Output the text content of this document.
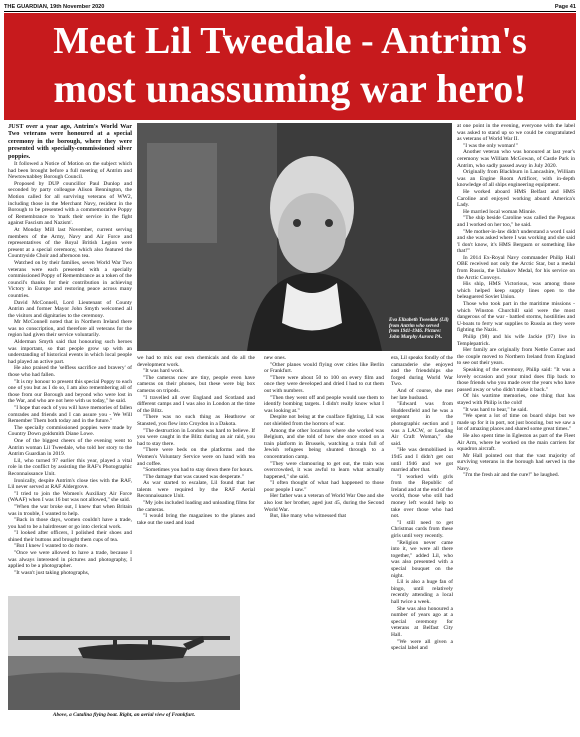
THE GUARDIAN, 19th November 2020	Page 41
Meet Lil Tweedale - Antrim's
most unassuming war hero!

JUST over a year ago, Antrim's World War Two veterans were honoured at a special ceremony in the borough, where they were presented with specially-commissioned silver poppies.

It followed a Notice of Motion on the subject which had been brought before a full meeting of Antrim and Newtownabbey Borough Council.

Proposed by DUP councillor Paul Dunlop and seconded by party colleague Alison Bennington, the Motion called for all surviving veterans of WW2, including those in the Merchant Navy, resident in the Borough to be presented with a commemorative Poppy of Remembrance to 'mark their service in the fight against Fascism and Nazism'.

At Monday Mill last November, current serving members of the Army, Navy and Air Force and representatives of the Royal British Legion were present at a special ceremony, which also featured the Countryside Choir and afternoon tea.

Watched on by their families, seven World War Two veterans were each presented with a specially commissioned Poppy of Remembrance as a token of the council's thanks for their contribution in achieving Victory in Europe and restoring peace across many countries.

David McConnell, Lord Lieutenant of County Antrim and former Mayor John Smyth welcomed all the visitors and dignitaries to the ceremony.

Mr McConnell noted that in Northern Ireland there was no conscription, and therefore all veterans for the region had given their service voluntarily.

Alderman Smyth said that honouring such heroes was important, so that people grow up with an understanding of historical events in which local people had played an active part.

He also praised the 'selfless sacrifice and bravery' of those who had fallen.

"It is my honour to present this special Poppy to each one of you but as I do so, I am also remembering all of those from our Borough and beyond who were lost in the War, and who are not here with us today," he said.

"I hope that each of you will have memories of fallen comrades and friends and I can assure you - We Will Remember Them both today and in the future."

The specially commissioned poppies were made by Country Down goldsmith Diane Lowe.

One of the biggest cheers of the evening went to Antrim woman Lil Tweedale, who told her story to the Antrim Guardian in 2019.

Lil, who turned 97 earlier this year, played a vital role in the conflict by assisting the RAF's Photographic Reconnaissance Unit.

Ironically, despite Antrim's close ties with the RAF, Lil never served at RAF Aldergrove.

"I tried to join the Women's Auxiliary Air Force (WAAF) when I was 16 but was not allowed," she said.

"When the war broke out, I knew that when Britain was in trouble, I wanted to help.

"Back in those days, women couldn't have a trade, you had to be a hairdresser or go into clerical work.

"I looked after officers, I polished their shoes and shined their buttons and brought them cups of tea.

"But I knew I wanted to do more.

"Once we were allowed to have a trade, because I was always interested in pictures and photography, I applied to be a photographer.

"It wasn't just taking photographs,

Eva Elizabeth Tweedale (Lil) from Antrim who served from 1941-1946. Picture: John Murphy Aurora PA.

we had to mix our own chemicals and do all the development work.

"It was hard work.

"The cameras now are tiny, people even have cameras on their phones, but these were big box cameras on tripods.

"I travelled all over England and Scotland and different camps and I was also in London at the time of the Blitz.

"There was no such thing as Heathrow or Stansted, you flew into Croydon in a Dakota.

"The destruction in London was hard to believe. If you were caught in the Blitz during an air raid, you had to stay there.

"There were beds on the platforms and the Women's Voluntary Service were on hand with tea and coffee.

"Sometimes you had to stay down there for hours.

"The damage that was caused was desperate."

As war started to escalate, Lil found that her talents were required by the RAF Aerial Reconnaissance Unit.

"My jobs included loading and unloading films for the cameras.

"I would bring the magazines to the planes and take out the used and load

new ones.

"Other planes would flying over cities like Berlin or Frankfurt.

"There were about 50 to 100 on every film and once they were developed and dried I had to cut them out with numbers.

"Then they went off and people would use them to identify bombing targets. I didn't really know what I was looking at."

Despite not being at the coalface fighting, Lil was not shielded from the horrors of war.

Among the other locations where she worked was Belgium, and she told of how she once stood on a train platform in Brussels, watching a train full of Jewish refugees being shunted through to a concentration camp.

"They were clamouring to get out, the train was overcrowded, it was awful to learn what actually happened," she said.

"I often thought of what had happened to those poor people I saw."

Her father was a veteran of World War One and she also lost her brother, aged just 45, during the Second World War.

But, like many who witnessed that

era, Lil speaks fondly of the camaraderie she enjoyed and the friendships she forged during World War Two.

And of course, she met her late husband.

"Edward was from Huddersfield and he was a sergeant in the photographic section and I was a LACW, or Leading Air Craft Woman," she said.

"He was demobilised in 1945 and I didn't get out until 1946 and we got married after that.

"I worked with girls from the Republic of Ireland and at the end of the world, those who still had money left would help to take over those who had not.

"I still need to get Christmas cards from these girls until very recently.

"Religion never came into it, we were all there together," added Lil, who was also presented with a special bouquet on the night.

Lil is also a huge fan of bingo, until relatively recently attending a local hall twice a week.

She was also honoured a number of years ago at a special ceremony for veterans at Belfast City Hall.

"We were all given a special label and

at one point in the evening, everyone with the label was asked to stand up so we could be congratulated as veterans of World War II.

"I was the only woman!"

Another veteran who was honoured at last year's ceremony was William McGowan, of Castle Park in Antrim, who sadly passed away in July 2020.

Originally from Blackburn in Lancashire, William was an Engine Room Artificer, with in-depth knowledge of all ships engineering equipment.

He worked aboard HMS Belfast and HMS Caroline and enjoyed working aboard America's Lady.

He married local woman Minnie.

"The ship beside Caroline was called the Pegasus and I worked on her too," he said.

"Me mother-in-law didn't understand a word I said and she was asked where I was working and she said 'I don't know, it's HMS Bergasm or something like that!'"

In 2014 Ex-Royal Navy commander Philip Hall OBE received not only the Arctic Star, but a medal from Russia, the Ushakov Medal, for his service on the Arctic Convoys.

His ship, HMS Victorious, was among those which helped keep supply lines open to the beleaguered Soviet Union.

Those who took part in the maritime missions - which Winston Churchill said were the most dangerous of the war - battled storms, hostilities and U-boats to ferry war supplies to Russia as they were fighting the Nazis.

Philip (98) and his wife Jackie (97) live in Templepatrick.

Her family are originally from Nettle Corner and the couple moved to Northern Ireland from England to see out their years.

Speaking of the ceremony, Philip said: "It was a lovely occasion and your mind does flip back to those friends who you made over the years who have passed away or who didn't make it back."

Of his wartime memories, one thing that has stayed with Philip is the cold!

"It was hard to bear," he said.

"We spent a lot of time on board ships but we made up for it in port, not just boozing, but we saw a lot of amazing places and shared some great times."

He also spent time in Egleston as part of the Fleet Air Arm, where he worked on the main carriers for squadron aircraft.

Mr Hall pointed out that the vast majority of surviving veterans in the borough had served in the Navy.

"I'm the fresh air and the cure!" he laughed.

Above, a Catalina flying boat. Right, an aerial view of Frankfurt.
